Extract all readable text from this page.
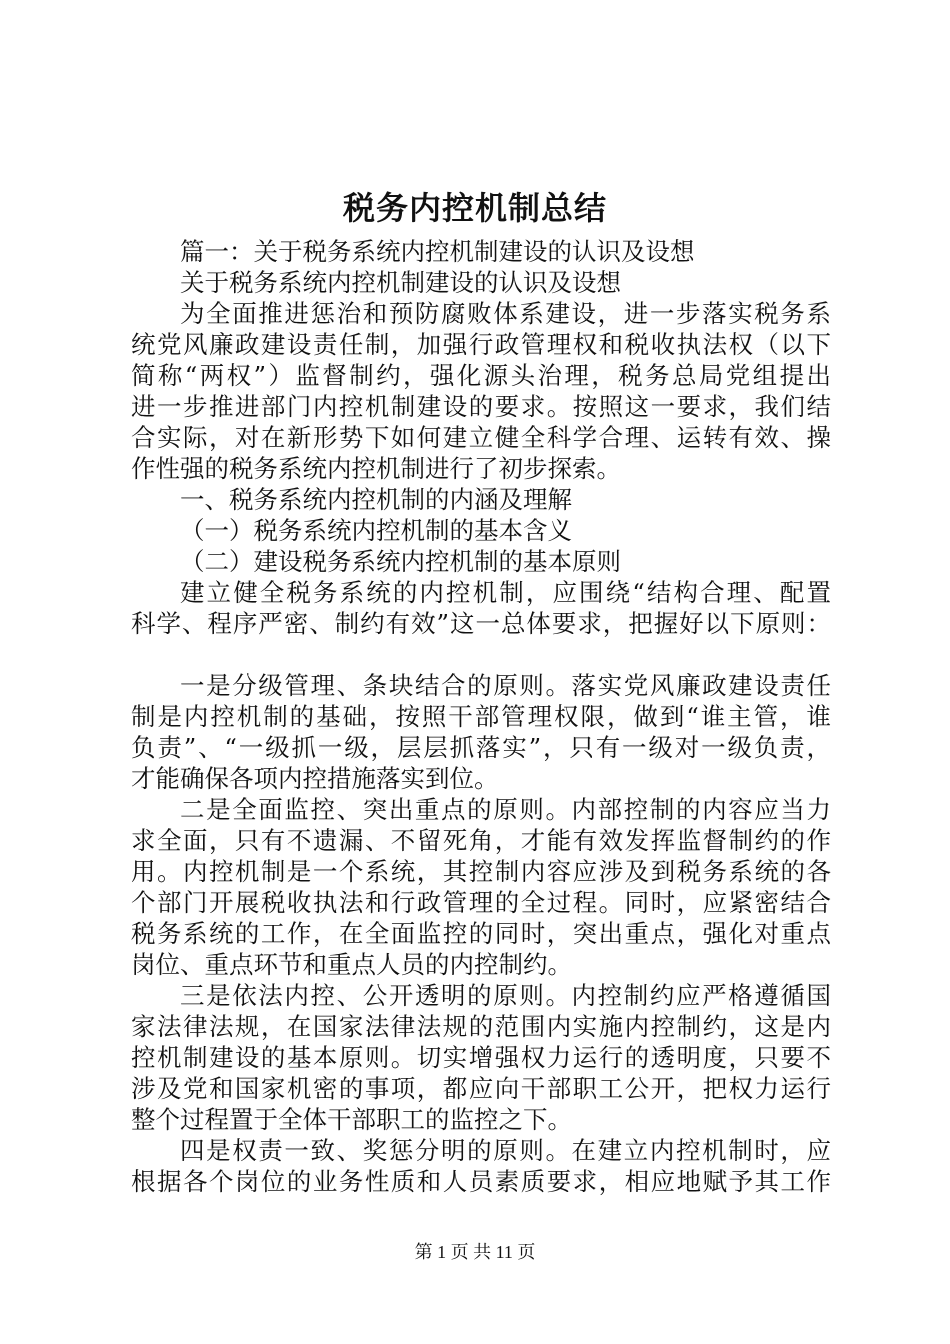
税务内控机制总结
篇一：关于税务系统内控机制建设的认识及设想
关于税务系统内控机制建设的认识及设想
为全面推进惩治和预防腐败体系建设，进一步落实税务系
统党风廉政建设责任制，加强行政管理权和税收执法权（以下
简称“两权”）监督制约，强化源头治理，税务总局党组提出
进一步推进部门内控机制建设的要求。按照这一要求，我们结
合实际，对在新形势下如何建立健全科学合理、运转有效、操
作性强的税务系统内控机制进行了初步探索。
一、税务系统内控机制的内涵及理解
（一）税务系统内控机制的基本含义
（二）建设税务系统内控机制的基本原则
建立健全税务系统的内控机制，应围绕“结构合理、配置
科学、程序严密、制约有效”这一总体要求，把握好以下原则：
一是分级管理、条块结合的原则。落实党风廉政建设责任
制是内控机制的基础，按照干部管理权限，做到“谁主管，谁
负责”、“一级抓一级，层层抓落实”，只有一级对一级负责，
才能确保各项内控措施落实到位。
二是全面监控、突出重点的原则。内部控制的内容应当力
求全面，只有不遗漏、不留死角，才能有效发挥监督制约的作
用。内控机制是一个系统，其控制内容应涉及到税务系统的各
个部门开展税收执法和行政管理的全过程。同时，应紧密结合
税务系统的工作，在全面监控的同时，突出重点，强化对重点
岗位、重点环节和重点人员的内控制约。
三是依法内控、公开透明的原则。内控制约应严格遵循国
家法律法规，在国家法律法规的范围内实施内控制约，这是内
控机制建设的基本原则。切实增强权力运行的透明度，只要不
涉及党和国家机密的事项，都应向干部职工公开，把权力运行
整个过程置于全体干部职工的监控之下。
四是权责一致、奖惩分明的原则。在建立内控机制时，应
根据各个岗位的业务性质和人员素质要求，相应地赋予其工作
第 1 页 共 11 页
